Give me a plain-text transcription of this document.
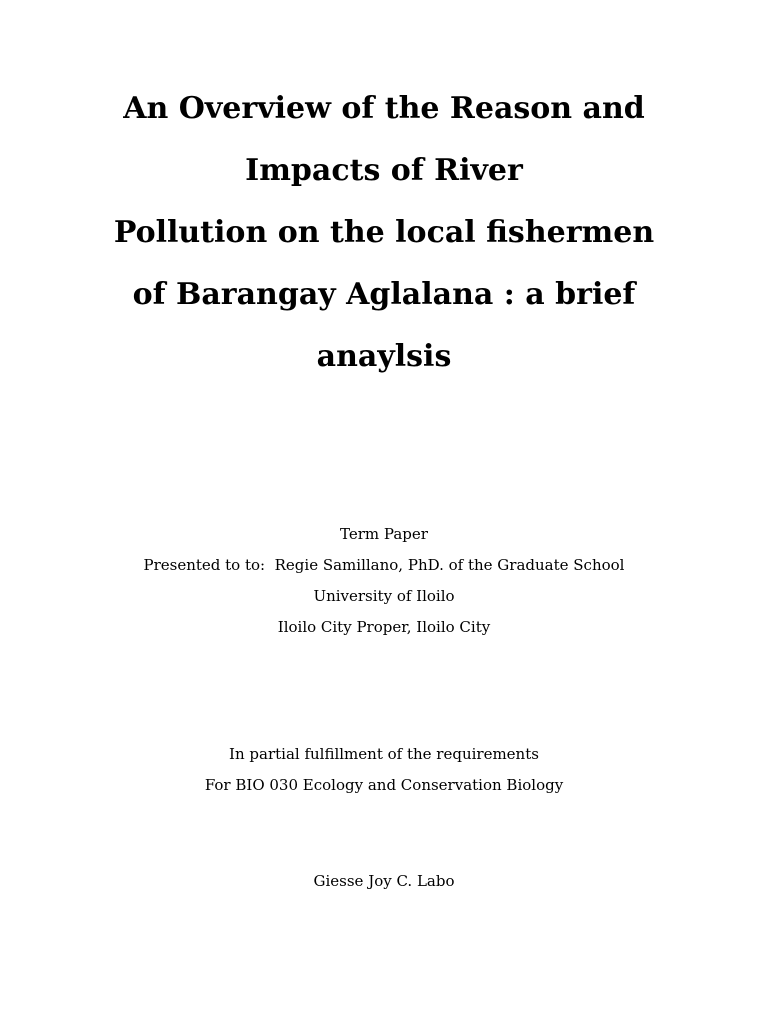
An Overview of the Reason and
Impacts of River
Pollution on the local fishermen
of Barangay Aglalana : a brief
anaylsis
Term Paper
Presented to to:  Regie Samillano, PhD. of the Graduate School
University of Iloilo
Iloilo City Proper, Iloilo City
In partial fulfillment of the requirements
For BIO 030 Ecology and Conservation Biology
Giesse Joy C. Labo
